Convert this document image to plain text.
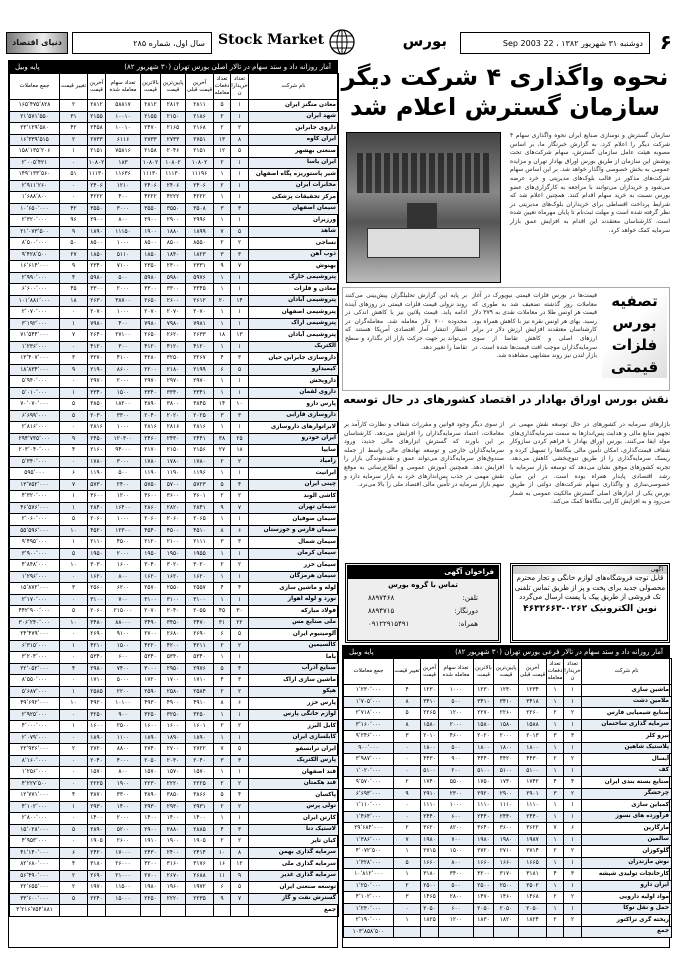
۶
دوشنبه ۳۱ شهریور ۱۳۸۲ ، 22 Sep 2003
بورس
Stock Market
سال اول، شماره ۲۸۵
دنیای اقتصاد
آمار روزانه داد و ستد سهام در تالار اصلی بورس تهران (۳۰ شهریور ۸۲)
پایه وبیل
نام شرکت	تعداد خریداران	تعداد دفعات معامله	آخرین قیمت قبلی	پایین‌ترین قیمت	بالاترین قیمت	تعداد سهام معامله شده	آخرین قیمت	تغییر قیمت	جمع معاملات
معادن منگنز ایران	۱	۵	۲۸۱۱	۲۸۱۲	۲۸۱۲	۵۸۸۱۷	۲۸۱۲	۲	۱۶۵٬۴۷۵٬۸۲۸
شهد ایران	۱	۲	۲۱۸۶	۲۱۵۰	۲۱۵۵	۱۰۰۱۰	۲۱۵۵	۳۱	۲۱٬۵۷۱٬۵۵۰
داروی جابرابن	۲	۲	۲۱۶۸	۲۱۶۵	۲۴۷۰	۱۰۰۱۰	۲۴۵۸	۴۲	۲۳٬۱۲۹٬۵۸۰
ایران کاوه	۸	۱۳	۲۷۵۱	۲۷۳۳	۲۷۳۳	۶۱۱۶	۲۷۳۳	۲	۱۶٬۳۳۹٬۵۱۵
صنعتی بهشهر	۵	۱۲	۲۱۵۱	۲۰۴۶	۲۱۵۸	۷۵۸۱۶	۲۱۵۱	۱	۱۵۸٬۱۳۵٬۲۰۶
ایران یاسا	۱	۲	۱۰۸۰۲	۱۰۸۰۲	۱۰۸۰۲	۱۸۳	۱۰۸۰۲	۰	۲٬۰۰۵٬۴۲۱
شیر پاستوریزه پگاه اصفهان	۱	۱	۱۱۱۹۶	۱۱۱۳۰	۱۱۱۳۰	۱۱۶۳۶	۱۱۱۳۰	۵۱	۱۴۹٬۱۳۳٬۵۶۰
مخابرات ایران	۱	۲	۲۴۰۶	۲۴۰۶	۲۴۰۶	۱۲۱۰	۲۴۰۶	۰	۲٬۹۱۱٬۲۶۰
مرکز تحقیقات پزشکی	۱	۱	۴۲۲۲	۴۲۲۲	۴۲۲۲	۴۰۰	۴۲۲۲	۰	۱٬۶۸۸٬۸۰۰
سیمان اصفهان	۳	۳	۳۵۰۸	۳۵۵۰	۳۵۵۰	۳۰۰۰	۳۵۵۰	۴۲	۱۰٬۶۵۰٬۰۰۰
ورزیران	۱	۱	۲۹۹۶	۲۹۰۰	۲۹۰۰	۸۰۰	۲۹۰۰	۹۶	۲٬۳۲۰٬۰۰۰
شاهد	۵	۷	۱۸۹۹	۱۸۸۰	۱۹۰۰	۱۱۱۵۰	۱۸۹۰	۹	۲۱٬۰۷۳٬۵۰۰
نساجی	۲	۲	۸۵۵۰	۸۵۰۰	۸۵۰۰	۱۰۰۰	۸۵۰۰	۵۰	۸٬۵۰۰٬۰۰۰
ذوب آهن	۳	۳	۱۸۲۳	۱۸۴۰	۱۸۵۰	۵۱۱۰	۱۸۵۰	۲۷	۹٬۴۲۸٬۵۰۰
بهنوش	۷	۹	۲۳۳۱	۲۳۰۰	۲۳۵۰	۷۱۰۰	۲۳۴۰	۹	۱۶٬۶۱۴٬۰۰۰
پتروشیمی خارک	۱	۱	۵۹۷۶	۵۹۸۰	۵۹۸۰	۵۰۰	۵۹۸۰	۴	۲٬۹۹۰٬۰۰۰
معادن و فلزات	۱	۱	۳۳۴۵	۳۳۰۰	۳۳۰۰	۲۰۰۰	۳۳۰۰	۴۵	۶٬۶۰۰٬۰۰۰
پتروشیمی آبادان	۱۴	۲۰	۲۶۱۲	۲۶۰۰	۲۶۵۰	۳۸۷۰۰	۲۶۳۰	۱۸	۱۰۱٬۸۸۱٬۰۰۰
پتروشیمی اصفهان	۱	۱	۲۰۷۰	۲۰۷۰	۲۰۷۰	۱۰۰۰	۲۰۷۰	۰	۲٬۰۷۰٬۰۰۰
پتروشیمی اراک	۱	۱	۷۹۸۱	۷۹۸۰	۷۹۸۰	۴۰۰	۷۹۸۰	۱	۳٬۱۹۲٬۰۰۰
پتروشیمی آبادان	۱۳	۱۸	۲۶۳۳	۲۶۲۰	۲۶۵۰	۲۷۱۰۰	۲۶۴۰	۷	۷۱٬۵۴۴٬۰۰۰
الکتریک	۱	۱	۴۱۲۰	۴۱۲۰	۴۱۲۰	۳۰۰	۴۱۲۰	۰	۱٬۲۳۶٬۰۰۰
داروسازی جابرابن حیان	۳	۴	۳۲۶۷	۳۲۵۰	۳۲۸۰	۴۱۰۰	۳۲۷۰	۳	۱۳٬۴۰۷٬۰۰۰
کیمیدارو	۵	۶	۲۱۹۹	۲۱۸۰	۲۲۰۰	۸۶۰۰	۲۱۹۰	۹	۱۸٬۸۳۴٬۰۰۰
داروپخش	۱	۱	۲۹۷۰	۲۹۷۰	۲۹۷۰	۲۰۰۰	۲۹۷۰	۰	۵٬۹۴۰٬۰۰۰
داروی لقمان	۱	۱	۳۳۴۱	۳۳۴۰	۳۳۴۰	۱۵۰۰	۳۳۴۰	۱	۵٬۰۱۰٬۰۰۰
پارس دارو	۱۰	۱۴	۳۸۴۵	۳۸۰۰	۳۸۹۰	۱۸۲۰۰	۳۸۵۰	۵	۷۰٬۰۷۰٬۰۰۰
داروسازی فارابی	۳	۳	۲۰۲۵	۲۰۲۰	۲۰۴۰	۳۳۰۰	۲۰۳۰	۵	۶٬۶۹۹٬۰۰۰
لابراتوارهای داروسازی	۱	۱	۲۸۱۶	۲۸۱۶	۲۸۱۶	۱۰۰۰	۲۸۱۶	۰	۲٬۸۱۶٬۰۰۰
ایران خودرو	۲۵	۳۸	۲۴۴۱	۲۴۳۰	۲۴۶۰	۱۲۰۳۰۰	۲۴۵۰	۹	۲۹۴٬۷۳۵٬۰۰۰
سایپا	۱۸	۲۷	۲۱۵۶	۲۱۵۰	۲۱۷۰	۹۴۰۰۰	۲۱۶۰	۴	۲۰۳٬۰۴۰٬۰۰۰
زامیاد	۲	۲	۱۷۸۰	۱۷۸۰	۱۷۸۰	۳۰۰۰	۱۷۸۰	۰	۵٬۳۴۰٬۰۰۰
ایرانیت	۱	۱	۱۱۹۶	۱۱۹۰	۱۱۹۰	۵۰۰	۱۱۹۰	۶	۵۹۵٬۰۰۰
چینی ایران	۴	۵	۵۷۲۳	۵۷۰۰	۵۷۵۰	۲۴۰۰	۵۷۳۰	۷	۱۳٬۷۵۲٬۰۰۰
کاشی الوند	۲	۲	۳۶۰۱	۳۶۰۰	۳۶۰۰	۱۲۰۰	۳۶۰۰	۱	۴٬۳۲۰٬۰۰۰
سیمان تهران	۷	۹	۲۸۴۱	۲۸۲۰	۲۸۶۰	۱۶۴۰۰	۲۸۴۰	۱	۴۶٬۵۷۶٬۰۰۰
سیمان صوفیان	۱	۱	۲۰۶۵	۲۰۶۰	۲۰۶۰	۱۰۰۰	۲۰۶۰	۵	۲٬۰۶۰٬۰۰۰
سیمان فارس و خوزستان	۶	۸	۴۵۱۰	۴۵۰۰	۴۵۴۰	۱۲۳۰۰	۴۵۲۰	۱۰	۵۵٬۵۹۶٬۰۰۰
سیمان شمال	۳	۳	۲۱۱۱	۲۱۰۰	۲۱۲۰	۴۵۰۰	۲۱۱۰	۱	۹٬۴۹۵٬۰۰۰
سیمان کرمان	۱	۱	۱۹۵۵	۱۹۵۰	۱۹۵۰	۲۰۰۰	۱۹۵۰	۵	۳٬۹۰۰٬۰۰۰
سیمان خزر	۲	۲	۳۰۲۰	۳۰۲۰	۳۰۴۰	۱۶۰۰	۳۰۳۰	۱۰	۴٬۸۴۸٬۰۰۰
سیمان هرمزگان	۱	۱	۱۶۲۰	۱۶۲۰	۱۶۲۰	۸۰۰	۱۶۲۰	۰	۱٬۲۹۶٬۰۰۰
لوله و ماشین سازی	۴	۴	۲۵۵۷	۲۵۵۰	۲۵۷۰	۶۲۰۰	۲۵۶۰	۳	۱۵٬۸۷۲٬۰۰۰
نورد و لوله اهواز	۱	۱	۳۱۰۰	۳۱۰۰	۳۱۰۰	۷۰۰	۳۱۰۰	۰	۲٬۱۷۰٬۰۰۰
فولاد مبارکه	۳۰	۴۵	۲۰۵۵	۲۰۴۰	۲۰۷۰	۲۱۵۰۰۰	۲۰۶۰	۵	۴۴۲٬۹۰۰٬۰۰۰
ملی صنایع مس	۲۲	۳۱	۳۴۷۰	۳۴۵۰	۳۴۹۰	۸۸۰۰۰	۳۴۸۰	۱۰	۳۰۶٬۲۴۰٬۰۰۰
آلومینیوم ایران	۵	۶	۲۶۹۰	۲۶۸۰	۲۷۰۰	۹۱۰۰	۲۶۹۰	۰	۲۴٬۴۷۹٬۰۰۰
کالسیمین	۲	۲	۴۲۱۱	۴۲۰۰	۴۲۲۰	۱۵۰۰	۴۲۱۰	۱	۶٬۳۱۵٬۰۰۰
باما	۱	۱	۵۳۴۰	۵۳۴۰	۵۳۴۰	۶۰۰	۵۳۴۰	۰	۳٬۲۰۴٬۰۰۰
صنایع آذرآب	۴	۵	۲۹۷۶	۲۹۵۰	۳۰۰۰	۷۴۰۰	۲۹۸۰	۴	۲۲٬۰۵۲٬۰۰۰
ماشین سازی اراک	۳	۴	۱۷۱۰	۱۷۰۰	۱۷۲۰	۵۰۰۰	۱۷۱۰	۰	۸٬۵۵۰٬۰۰۰
هپکو	۲	۲	۲۵۸۴	۲۵۸۰	۲۵۹۰	۲۲۰۰	۲۵۸۵	۱	۵٬۶۸۷٬۰۰۰
پارس خزر	۶	۸	۴۹۱۰	۴۹۰۰	۴۹۳۰	۱۰۱۰۰	۴۹۲۰	۱۰	۴۹٬۶۹۲٬۰۰۰
لوازم خانگی پارس	۱	۱	۳۲۵۰	۳۲۵۰	۳۲۵۰	۹۰۰	۳۲۵۰	۰	۲٬۹۲۵٬۰۰۰
کابل البرز	۲	۲	۱۶۰۱	۱۶۰۰	۱۶۰۰	۲۵۰۰	۱۶۰۰	۱	۴٬۰۰۰٬۰۰۰
کابلسازی ایران	۱	۱	۱۸۹۰	۱۸۹۰	۱۸۹۰	۱۱۰۰	۱۸۹۰	۰	۲٬۰۷۹٬۰۰۰
ایران ترانسفو	۵	۷	۲۷۲۲	۲۷۰۰	۲۷۴۰	۸۸۰۰	۲۷۲۰	۲	۲۳٬۹۳۶٬۰۰۰
پارس الکتریک	۳	۳	۲۰۴۰	۲۰۳۰	۲۰۵۰	۴۰۰۰	۲۰۴۰	۰	۸٬۱۶۰٬۰۰۰
قند اصفهان	۱	۱	۱۵۷۰	۱۵۷۰	۱۵۷۰	۸۰۰	۱۵۷۰	۰	۱٬۲۵۶٬۰۰۰
قند هکمتان	۲	۲	۲۲۲۵	۲۲۲۰	۲۲۳۰	۱۹۰۰	۲۲۲۵	۰	۴٬۲۲۷٬۵۰۰
پاکسان	۴	۵	۳۸۶۶	۳۸۵۰	۳۸۹۰	۳۳۰۰	۳۸۷۰	۴	۱۲٬۷۷۱٬۰۰۰
تولی پرس	۲	۲	۲۹۳۱	۲۹۳۰	۲۹۳۰	۱۴۰۰	۲۹۳۰	۱	۴٬۱۰۲٬۰۰۰
کارتن ایران	۱	۱	۱۴۰۰	۱۴۰۰	۱۴۰۰	۲۰۰۰	۱۴۰۰	۰	۲٬۸۰۰٬۰۰۰
لاستیک دنا	۳	۴	۲۸۸۵	۲۸۸۰	۲۹۰۰	۵۲۰۰	۲۸۹۰	۵	۱۵٬۰۲۸٬۰۰۰
کیان تایر	۲	۲	۱۹۰۵	۱۹۰۰	۱۹۱۰	۲۶۰۰	۱۹۰۵	۰	۴٬۹۵۳٬۰۰۰
سرمایه گذاری بهمن	۸	۱۰	۲۴۱۴	۲۴۰۰	۲۴۳۰	۱۷۰۰۰	۲۴۲۰	۶	۴۱٬۱۴۰٬۰۰۰
سرمایه گذاری ملی	۱۲	۱۶	۳۱۷۶	۳۱۶۰	۳۲۰۰	۲۶۰۰۰	۳۱۸۰	۴	۸۲٬۶۸۰٬۰۰۰
سرمایه گذاری غدیر	۹	۱۱	۲۶۸۸	۲۶۷۰	۲۷۰۰	۲۱۰۰۰	۲۶۹۰	۲	۵۶٬۴۹۰٬۰۰۰
توسعه صنعتی ایران	۵	۶	۱۹۷۲	۱۹۶۰	۱۹۸۰	۱۱۵۰۰	۱۹۷۰	۲	۲۲٬۶۵۵٬۰۰۰
گسترش نفت و گاز	۷	۹	۲۲۳۵	۲۲۲۰	۲۲۵۰	۱۵۰۰۰	۲۲۴۰	۵	۳۳٬۶۰۰٬۰۰۰
جمع									۳٬۲۱۶٬۷۵۴٬۸۸۱
نحوه واگذاری ۴ شرکت دیگر
سازمان گسترش اعلام شد
سازمان گسترش و نوسازی صنایع ایران نحوه واگذاری سهام ۴ شرکت دیگر را اعلام کرد. به گزارش خبرنگار ما، بر اساس مصوبه هیئت عامل سازمان گسترش، سهام شرکت‌های تحت پوشش این سازمان از طریق بورس اوراق بهادار تهران و مزایده عمومی به بخش خصوصی واگذار خواهد شد. بر این اساس سهام شرکت‌های مذکور در قالب بلوک‌های مدیریتی و خرد عرضه می‌شود و خریداران می‌توانند با مراجعه به کارگزاری‌های عضو بورس نسبت به خرید سهام اقدام کنند. همچنین اعلام شد که شرایط پرداخت اقساطی برای خریداران بلوک‌های مدیریتی در نظر گرفته شده است و مهلت ثبت‌نام تا پایان مهرماه تعیین شده است. کارشناسان معتقدند این اقدام به افزایش عمق بازار سرمایه کمک خواهد کرد.
تصفیه بورس فلزات قیمتی
قیمت‌ها در بورس فلزات قیمتی نیویورک در آغاز معاملات روز گذشته تضعیف شد به طوری که قیمت هر اونس طلا در معاملات نقدی به ۳۷۹ دلار رسید. بهای هر اونس نقره نیز با کاهش همراه بود. کارشناسان معتقدند افزایش ارزش دلار در برابر ارزهای اصلی و کاهش تقاضا از سوی سرمایه‌گذاران موجب افت قیمت‌ها شده است. در بازار لندن نیز روند مشابهی مشاهده شد.
بر پایه این گزارش تحلیلگران پیش‌بینی می‌کنند روند نزولی قیمت فلزات قیمتی در روزهای آینده ادامه یابد. قیمت پلاتین نیز با کاهش اندکی در محدوده ۷۰۰ دلار معامله شد. معامله‌گران در انتظار انتشار آمار اقتصادی آمریکا هستند که می‌تواند بر جهت حرکت بازار اثر بگذارد و سطح تقاضا را تغییر دهد.
نقش بورس اوراق بهادار در اقتصاد کشورهای در حال توسعه
بازارهای سرمایه در کشورهای در حال توسعه نقش مهمی در تجهیز منابع مالی و هدایت پس‌اندازها به سمت سرمایه‌گذاری‌های مولد ایفا می‌کنند. بورس اوراق بهادار با فراهم کردن سازوکار شفاف قیمت‌گذاری، امکان تأمین مالی بنگاه‌ها را تسهیل کرده و ریسک سرمایه‌گذاری را از طریق تنوع‌بخشی کاهش می‌دهد. تجربه کشورهای موفق نشان می‌دهد که توسعه بازار سرمایه با رشد اقتصادی پایدار همراه بوده است. در این میان خصوصی‌سازی و واگذاری سهام شرکت‌های دولتی از طریق بورس یکی از ابزارهای اصلی گسترش مالکیت عمومی به شمار می‌رود و به افزایش کارایی بنگاه‌ها کمک می‌کند.
از سوی دیگر وجود قوانین و مقررات شفاف و نظارت کارآمد بر معاملات، اعتماد سرمایه‌گذاران را افزایش می‌دهد. کارشناسان بر این باورند که گسترش ابزارهای مالی جدید، ورود سرمایه‌گذاران خارجی و توسعه نهادهای مالی واسط از جمله صندوق‌های سرمایه‌گذاری می‌تواند عمق و نقدشوندگی بازار را افزایش دهد. همچنین آموزش عمومی و اطلاع‌رسانی به موقع نقش مهمی در جذب پس‌اندازهای خرد به بازار سرمایه دارد و سهم بازار سرمایه در تأمین مالی اقتصاد ملی را بالا می‌برد.
آگهی
قابل توجه فروشگاه‌های لوازم خانگی و تجار محترم
محصولی جدید برای پخت و پز از طریق تماس تلفنی
تک فروشی از طریق پیک یا پست ارسال می‌گردد
نوین الکترونیک ۰۲۶۲-۴۶۳۲۶۶۳
فراخوان آگهی
تماس با گروه بورس
تلفن:
۸۸۹۷۴۶۸
دورنگار:
۸۸۹۴۷۱۵
همراه:
۰۹۱۲۲۹۱۵۴۹۱
آمار روزانه داد و ستد سهام در تالار فرعی بورس تهران (۳۰ شهریور ۸۲)
پایه وبیل
نام شرکت	تعداد خریداران	تعداد دفعات معامله	آخرین قیمت قبلی	پایین‌ترین قیمت	بالاترین قیمت	تعداد سهام معامله شده	آخرین قیمت	تغییر قیمت	جمع معاملات
ماشین سازی	۱	۱	۱۲۳۴	۱۲۳۰	۱۲۳۰	۱۰۰۰	۱۲۳۰	۴	۱٬۲۳۰٬۰۰۰
ملامین دشت	۱	۱	۳۴۱۸	۳۴۱۰	۳۴۱۰	۵۰۰	۳۴۱۰	۸	۱٬۷۰۵٬۰۰۰
صنایع شیمیایی فارس	۲	۲	۲۲۶۰	۲۲۶۰	۲۲۷۰	۱۲۰۰	۲۲۶۵	۵	۲٬۷۱۸٬۰۰۰
سرمایه گذاری ساختمان	۱	۱	۱۵۸۸	۱۵۸۰	۱۵۸۰	۲۰۰۰	۱۵۸۰	۸	۳٬۱۶۰٬۰۰۰
نیرو کلر	۳	۳	۲۰۱۳	۲۰۰۰	۲۰۲۰	۴۶۰۰	۲۰۱۰	۳	۹٬۲۴۶٬۰۰۰
پلاستیک شاهین	۱	۱	۱۸۰۰	۱۸۰۰	۱۸۰۰	۵۰۰	۱۸۰۰	۰	۹۰۰٬۰۰۰
آبسال	۲	۲	۴۴۳۰	۴۴۲۰	۴۴۴۰	۹۰۰	۴۴۳۰	۰	۳٬۹۸۷٬۰۰۰
کف	۱	۱	۵۱۰۰	۵۱۰۰	۵۱۰۰	۲۰۰	۵۱۰۰	۰	۱٬۰۲۰٬۰۰۰
صنایع بسته بندی ایران	۴	۴	۱۷۴۲	۱۷۳۰	۱۷۵۰	۵۵۰۰	۱۷۴۰	۲	۹٬۵۷۰٬۰۰۰
چرخشگر	۲	۳	۲۹۰۱	۲۹۰۰	۲۹۲۰	۲۳۰۰	۲۹۱۰	۹	۶٬۶۹۳٬۰۰۰
کمباین سازی	۱	۱	۱۱۱۰	۱۱۱۰	۱۱۱۰	۱۰۰۰	۱۱۱۰	۰	۱٬۱۱۰٬۰۰۰
فرآورده های نسوز	۱	۱	۲۴۴۰	۲۴۴۰	۲۴۴۰	۶۰۰	۲۴۴۰	۰	۱٬۴۶۴٬۰۰۰
مارگارین	۶	۷	۳۶۲۲	۳۶۰۰	۳۶۴۰	۸۲۰۰	۳۶۲۰	۲	۲۹٬۶۸۴٬۰۰۰
سالمین	۱	۱	۱۹۸۷	۱۹۸۰	۱۹۸۰	۷۰۰	۱۹۸۰	۷	۱٬۳۸۶٬۰۰۰
گلوکوزان	۲	۲	۲۷۱۴	۲۷۱۰	۲۷۲۰	۱۵۰۰	۲۷۱۵	۱	۴٬۰۷۲٬۵۰۰
نوش مازندران	۱	۱	۱۶۶۵	۱۶۶۰	۱۶۶۰	۸۰۰	۱۶۶۰	۵	۱٬۳۲۸٬۰۰۰
کارخانجات تولیدی شیشه	۳	۴	۳۱۸۱	۳۱۷۰	۳۲۰۰	۳۴۰۰	۳۱۸۰	۱	۱۰٬۸۱۲٬۰۰۰
ایران دارو	۱	۱	۲۵۰۲	۲۵۰۰	۲۵۰۰	۵۰۰	۲۵۰۰	۲	۱٬۲۵۰٬۰۰۰
مواد اولیه دارویی	۲	۲	۱۴۶۸	۱۴۶۰	۱۴۷۰	۲۸۰۰	۱۴۶۵	۳	۴٬۱۰۲٬۰۰۰
حمل و نقل توکا	۱	۱	۲۰۵۰	۲۰۵۰	۲۰۵۰	۶۰۰	۲۰۵۰	۰	۱٬۲۳۰٬۰۰۰
ریخته گری تراکتور	۲	۲	۱۸۲۴	۱۸۲۰	۱۸۳۰	۱۲۰۰	۱۸۲۵	۱	۲٬۱۹۰٬۰۰۰
جمع									۱۰۳٬۸۵۸٬۵۰۰
